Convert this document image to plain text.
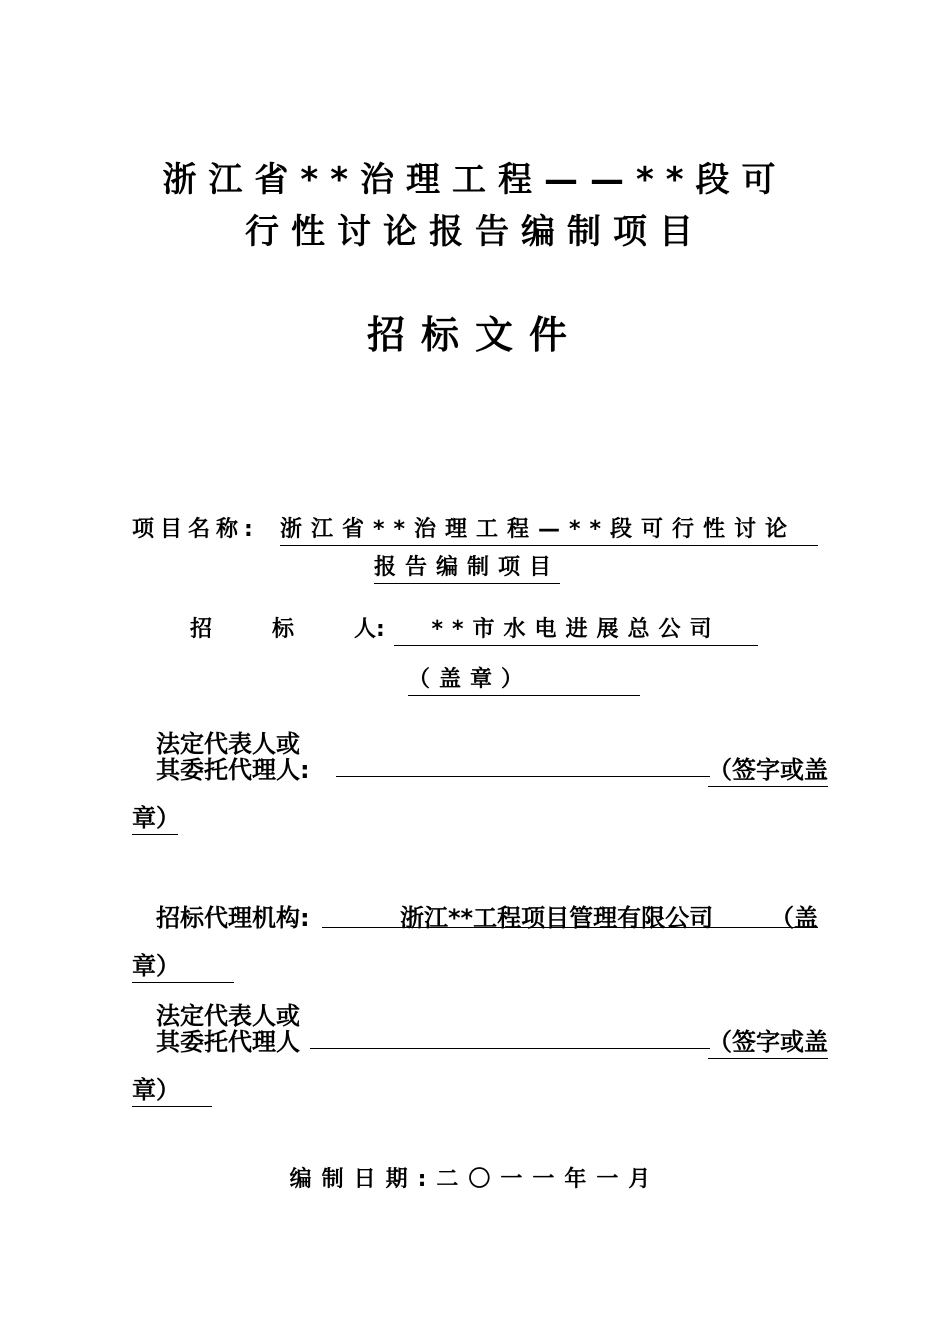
浙江省**治理工程——**段可
行性讨论报告编制项目
招标文件
项目名称: 浙江省**治理工程—**段可行性讨论
报告编制项目
招	标	人:	**市水电进展总公司
（盖章）
法定代表人或
其委托代理人:	（签字或盖
章）
招标代理机构:	浙江**工程项目管理有限公司 （盖

章）
法定代表人或
其委托代理人	（签字或盖
章）
编制日期:二〇一一年一月
